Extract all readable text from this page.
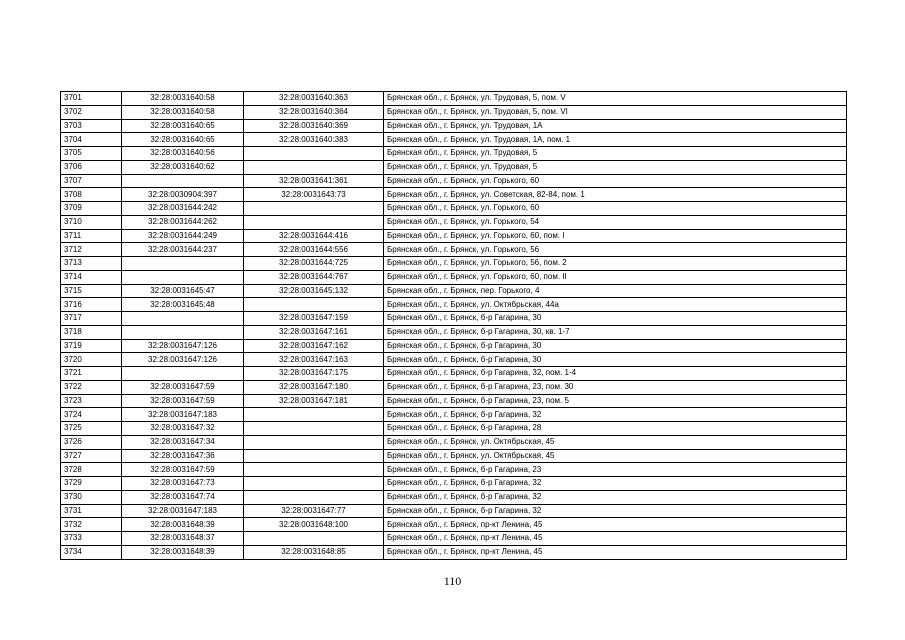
3701	32:28:0031640:58	32:28:0031640:363	Брянская обл., г. Брянск, ул. Трудовая, 5, пом. V
3702	32:28:0031640:58	32:28:0031640:364	Брянская обл., г. Брянск, ул. Трудовая, 5, пом. VI
3703	32:28:0031640:65	32:28:0031640:369	Брянская обл., г. Брянск, ул. Трудовая, 1А
3704	32:28:0031640:65	32:28:0031640:383	Брянская обл., г. Брянск, ул. Трудовая, 1А, пом. 1
3705	32:28:0031640:56		Брянская обл., г. Брянск, ул. Трудовая, 5
3706	32:28:0031640:62		Брянская обл., г. Брянск, ул. Трудовая, 5
3707		32:28:0031641:361	Брянская обл., г. Брянск, ул. Горького, 60
3708	32:28:0030904:397	32:28:0031643:73	Брянская обл., г. Брянск, ул. Советская, 82-84, пом. 1
3709	32:28:0031644:242		Брянская обл., г. Брянск, ул. Горького, 60
3710	32:28:0031644:262		Брянская обл., г. Брянск, ул. Горького, 54
3711	32:28:0031644:249	32:28:0031644:416	Брянская обл., г. Брянск, ул. Горького, 60, пом. I
3712	32:28:0031644:237	32:28:0031644:556	Брянская обл., г. Брянск, ул. Горького, 56
3713		32:28:0031644:725	Брянская обл., г. Брянск, ул. Горького, 56, пом. 2
3714		32:28:0031644:767	Брянская обл., г. Брянск, ул. Горького, 60, пом. II
3715	32:28:0031645:47	32:28:0031645:132	Брянская обл., г. Брянск, пер. Горького, 4
3716	32:28:0031645:48		Брянская обл., г. Брянск, ул. Октябрьская, 44а
3717		32:28:0031647:159	Брянская обл., г. Брянск, б-р Гагарина, 30
3718		32:28:0031647:161	Брянская обл., г. Брянск, б-р Гагарина, 30, кв. 1-7
3719	32:28:0031647:126	32:28:0031647:162	Брянская обл., г. Брянск, б-р Гагарина, 30
3720	32:28:0031647:126	32:28:0031647:163	Брянская обл., г. Брянск, б-р Гагарина, 30
3721		32:28:0031647:175	Брянская обл., г. Брянск, б-р Гагарина, 32, пом. 1-4
3722	32:28:0031647:59	32:28:0031647:180	Брянская обл., г. Брянск, б-р Гагарина, 23, пом. 30
3723	32:28:0031647:59	32:28:0031647:181	Брянская обл., г. Брянск, б-р Гагарина, 23, пом. 5
3724	32:28:0031647:183		Брянская обл., г. Брянск, б-р Гагарина, 32
3725	32:28:0031647:32		Брянская обл., г. Брянск, б-р Гагарина, 28
3726	32:28:0031647:34		Брянская обл., г. Брянск, ул. Октябрьская, 45
3727	32:28:0031647:36		Брянская обл., г. Брянск, ул. Октябрьская, 45
3728	32:28:0031647:59		Брянская обл., г. Брянск, б-р Гагарина, 23
3729	32:28:0031647:73		Брянская обл., г. Брянск, б-р Гагарина, 32
3730	32:28:0031647:74		Брянская обл., г. Брянск, б-р Гагарина, 32
3731	32:28:0031647:183	32:28:0031647:77	Брянская обл., г. Брянск, б-р Гагарина, 32
3732	32:28:0031648:39	32:28:0031648:100	Брянская обл., г. Брянск, пр-кт Ленина, 45
3733	32:28:0031648:37		Брянская обл., г. Брянск, пр-кт Ленина, 45
3734	32:28:0031648:39	32:28:0031648:85	Брянская обл., г. Брянск, пр-кт Ленина, 45
110
